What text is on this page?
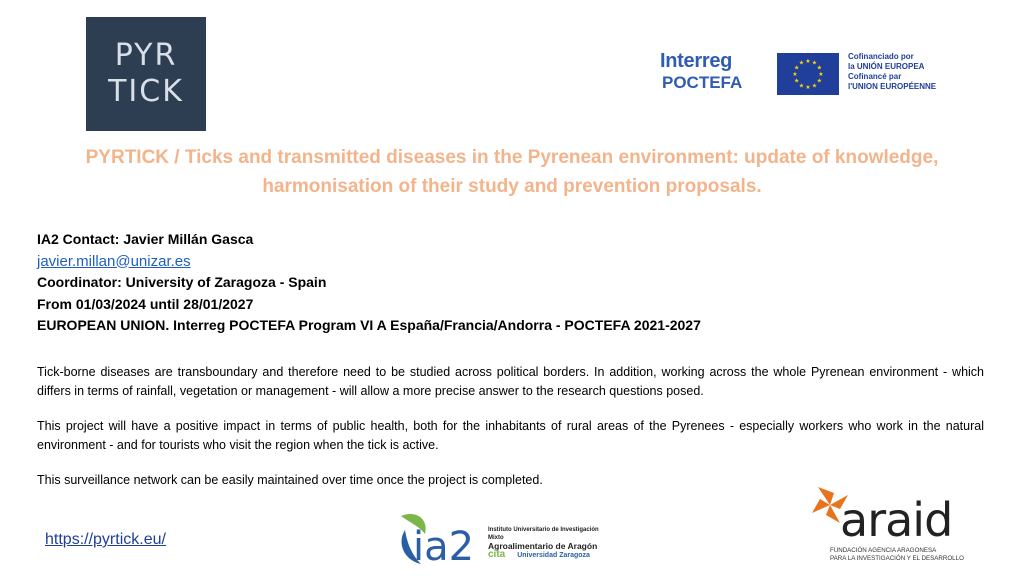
PYR
TICK
Interreg
POCTEFA
★ ★
★
★
★
★
★
★
★
★
★
★
Cofinanciado por
la UNIÓN EUROPEA
Cofinancé par
l'UNION EUROPÉENNE
PYRTICK / Ticks and transmitted diseases in the Pyrenean environment: update of knowledge, harmonisation of their study and prevention proposals.
IA2 Contact: Javier Millán Gasca
javier.millan@unizar.es
Coordinator: University of Zaragoza - Spain
From 01/03/2024 until 28/01/2027
EUROPEAN UNION. Interreg POCTEFA Program VI A España/Francia/Andorra - POCTEFA 2021-2027
Tick-borne diseases are transboundary and therefore need to be studied across political borders. In addition, working across the whole Pyrenean environment - which differs in terms of rainfall, vegetation or management - will allow a more precise answer to the research questions posed.
This project will have a positive impact in terms of public health, both for the inhabitants of rural areas of the Pyrenees - especially workers who work in the natural environment - and for tourists who visit the region when the tick is active.
This surveillance network can be easily maintained over time once the project is completed.
https://pyrtick.eu/	ia2 Instituto Universitario de Investigación Mixto
Agroalimentario de Aragón
cita Universidad Zaragoza
araid
FUNDACIÓN AGENCIA ARAGONESA
PARA LA INVESTIGACIÓN Y EL DESARROLLO
